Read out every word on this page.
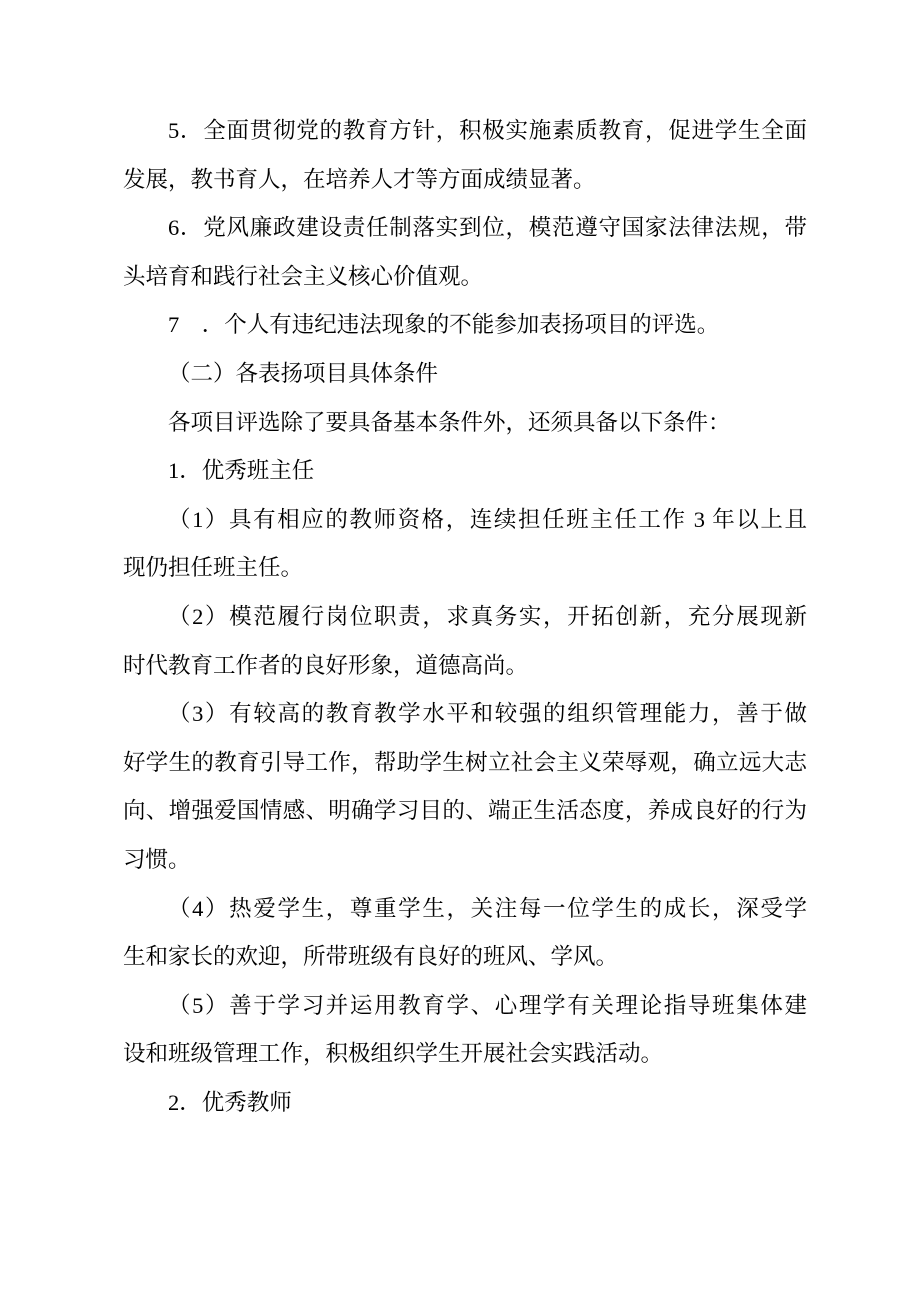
5．全面贯彻党的教育方针，积极实施素质教育，促进学生全面
发展，教书育人，在培养人才等方面成绩显著。
6．党风廉政建设责任制落实到位，模范遵守国家法律法规，带
头培育和践行社会主义核心价值观。
7　．个人有违纪违法现象的不能参加表扬项目的评选。
（二）各表扬项目具体条件
各项目评选除了要具备基本条件外，还须具备以下条件：
1．优秀班主任
（1）具有相应的教师资格，连续担任班主任工作 3 年以上且
现仍担任班主任。
（2）模范履行岗位职责，求真务实，开拓创新，充分展现新
时代教育工作者的良好形象，道德高尚。
（3）有较高的教育教学水平和较强的组织管理能力，善于做
好学生的教育引导工作，帮助学生树立社会主义荣辱观，确立远大志
向、增强爱国情感、明确学习目的、端正生活态度，养成良好的行为
习惯。
（4）热爱学生，尊重学生，关注每一位学生的成长，深受学
生和家长的欢迎，所带班级有良好的班风、学风。
（5）善于学习并运用教育学、心理学有关理论指导班集体建
设和班级管理工作，积极组织学生开展社会实践活动。
2．优秀教师
